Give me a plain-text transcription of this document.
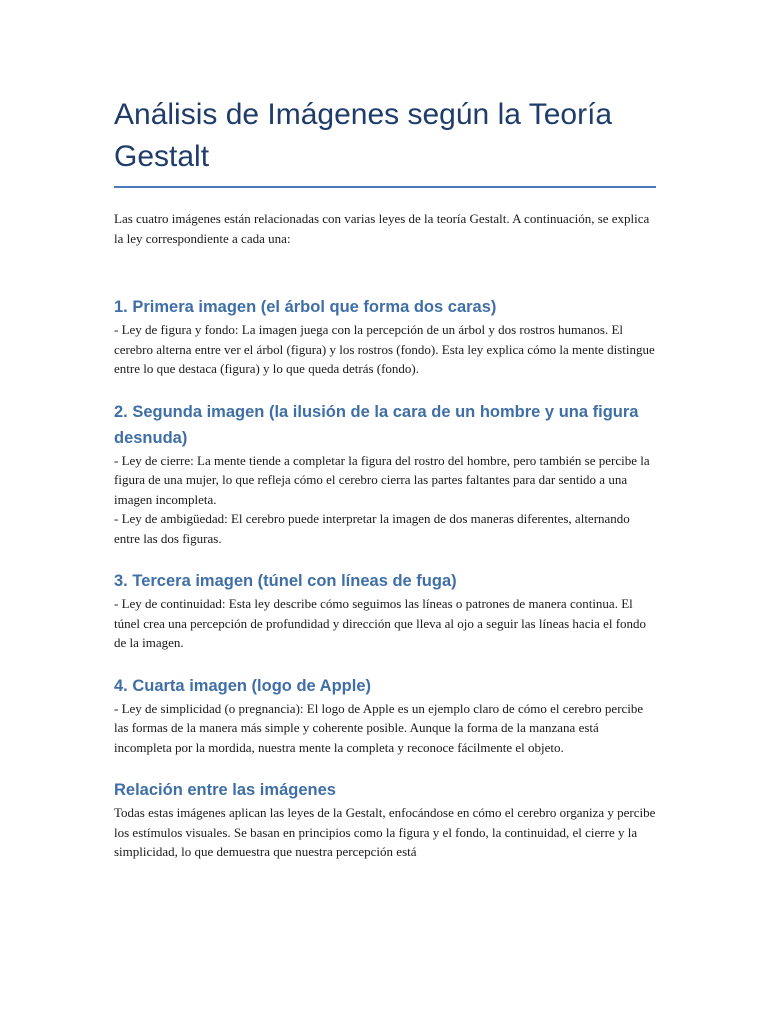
Análisis de Imágenes según la Teoría Gestalt

Las cuatro imágenes están relacionadas con varias leyes de la teoría Gestalt. A continuación, se explica la ley correspondiente a cada una:

1. Primera imagen (el árbol que forma dos caras)

- Ley de figura y fondo: La imagen juega con la percepción de un árbol y dos rostros humanos. El cerebro alterna entre ver el árbol (figura) y los rostros (fondo). Esta ley explica cómo la mente distingue entre lo que destaca (figura) y lo que queda detrás (fondo).

2. Segunda imagen (la ilusión de la cara de un hombre y una figura desnuda)

- Ley de cierre: La mente tiende a completar la figura del rostro del hombre, pero también se percibe la figura de una mujer, lo que refleja cómo el cerebro cierra las partes faltantes para dar sentido a una imagen incompleta.

- Ley de ambigüedad: El cerebro puede interpretar la imagen de dos maneras diferentes, alternando entre las dos figuras.

3. Tercera imagen (túnel con líneas de fuga)

- Ley de continuidad: Esta ley describe cómo seguimos las líneas o patrones de manera continua. El túnel crea una percepción de profundidad y dirección que lleva al ojo a seguir las líneas hacia el fondo de la imagen.

4. Cuarta imagen (logo de Apple)

- Ley de simplicidad (o pregnancia): El logo de Apple es un ejemplo claro de cómo el cerebro percibe las formas de la manera más simple y coherente posible. Aunque la forma de la manzana está incompleta por la mordida, nuestra mente la completa y reconoce fácilmente el objeto.

Relación entre las imágenes

Todas estas imágenes aplican las leyes de la Gestalt, enfocándose en cómo el cerebro organiza y percibe los estímulos visuales. Se basan en principios como la figura y el fondo, la continuidad, el cierre y la simplicidad, lo que demuestra que nuestra percepción está
